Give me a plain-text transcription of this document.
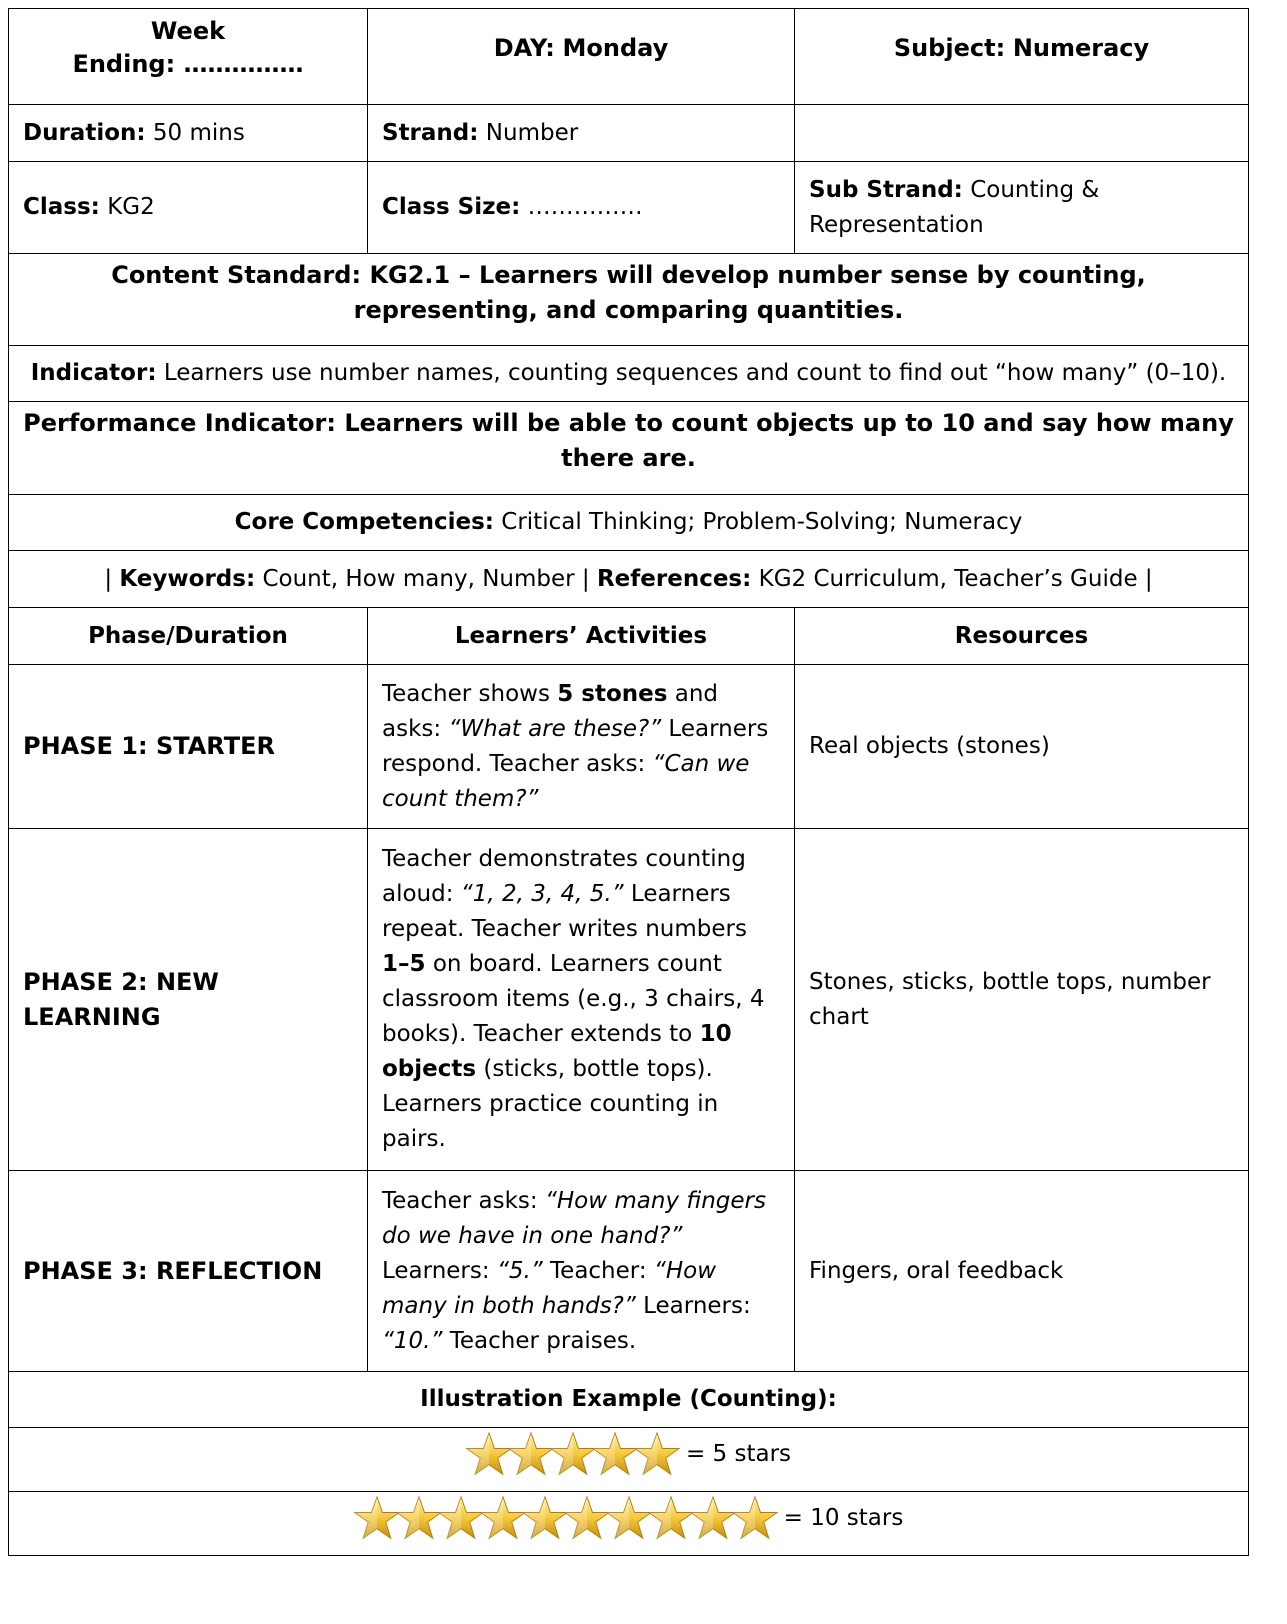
Week
Ending: ……………	DAY: Monday	Subject: Numeracy
Duration: 50 mins	Strand: Number	
Class: KG2	Class Size: ……………	Sub Strand: Counting & Representation
Content Standard: KG2.1 – Learners will develop number sense by counting, representing, and comparing quantities.		
Indicator: Learners use number names, counting sequences and count to find out “how many” (0–10).		
Performance Indicator: Learners will be able to count objects up to 10 and say how many there are.		
Core Competencies: Critical Thinking; Problem-Solving; Numeracy		
| Keywords: Count, How many, Number | References: KG2 Curriculum, Teacher’s Guide |		
Phase/Duration	Learners’ Activities	Resources
PHASE 1: STARTER	Teacher shows 5 stones and asks: “What are these?” Learners respond. Teacher asks: “Can we count them?”	Real objects (stones)
PHASE 2: NEW LEARNING	Teacher demonstrates counting aloud: “1, 2, 3, 4, 5.” Learners repeat. Teacher writes numbers 1–5 on board. Learners count classroom items (e.g., 3 chairs, 4 books). Teacher extends to 10 objects (sticks, bottle tops). Learners practice counting in pairs.	Stones, sticks, bottle tops, number chart
PHASE 3: REFLECTION	Teacher asks: “How many fingers do we have in one hand?” Learners: “5.” Teacher: “How many in both hands?” Learners: “10.” Teacher praises.	Fingers, oral feedback
Illustration Example (Counting):		

= 5 stars		

= 10 stars		
